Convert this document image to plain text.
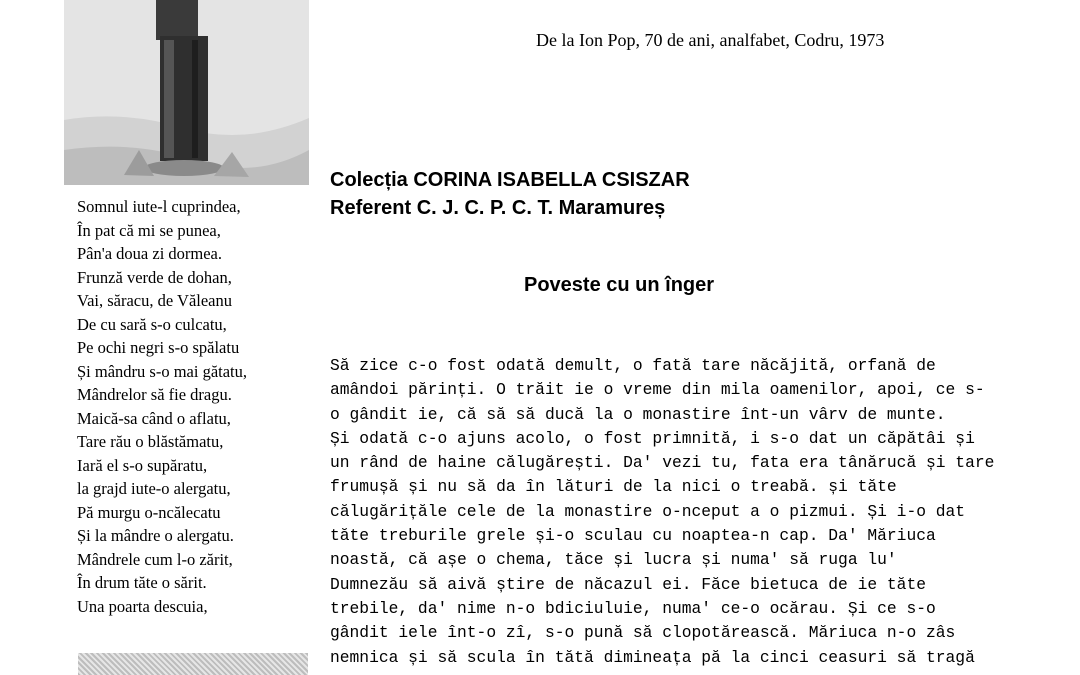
De la Ion Pop, 70 de ani, analfabet, Codru, 1973
Somnul iute-l cuprindea,
În pat că mi se punea,
Pân'a doua zi dormea.
Frunză verde de dohan,
Vai, săracu, de Văleanu
De cu sară s-o culcatu,
Pe ochi negri s-o spălatu
Și mândru s-o mai gătatu,
Mândrelor să fie dragu.
Maică-sa când o aflatu,
Tare rău o blăstămatu,
Iară el s-o supăratu,
la grajd iute-o alergatu,
Pă murgu o-ncălecatu
Și la mândre o alergatu.
Mândrele cum l-o zărit,
În drum tăte o sărit.
Una poarta descuia,
Colecția CORINA ISABELLA CSISZAR
Referent C. J. C. P. C. T. Maramureș
Poveste cu un înger
Să zice c-o fost odată demult, o fată tare năcăjită, orfană de
amândoi părinți. O trăit ie o vreme din mila oamenilor, apoi, ce s-
o gândit ie, că să să ducă la o monastire înt-un vârv de munte.
Și odată c-o ajuns acolo, o fost primnită, i s-o dat un căpătâi și
un rând de haine călugărești. Da' vezi tu, fata era tânărucă și tare
frumușă și nu să da în lături de la nici o treabă. și tăte
călugărițăle cele de la monastire o-nceput a o pizmui. Și i-o dat
tăte treburile grele și-o sculau cu noaptea-n cap. Da' Măriuca
noastă, că așe o chema, tăce și lucra și numa' să ruga lu'
Dumnezău să aivă știre de năcazul ei. Făce bietuca de ie tăte
trebile, da' nime n-o bdiciuluie, numa' ce-o ocărau. Și ce s-o
gândit iele înt-o zî, s-o pună să clopotărească. Măriuca n-o zâs
nemnica și să scula în tătă dimineața pă la cinci ceasuri să tragă
